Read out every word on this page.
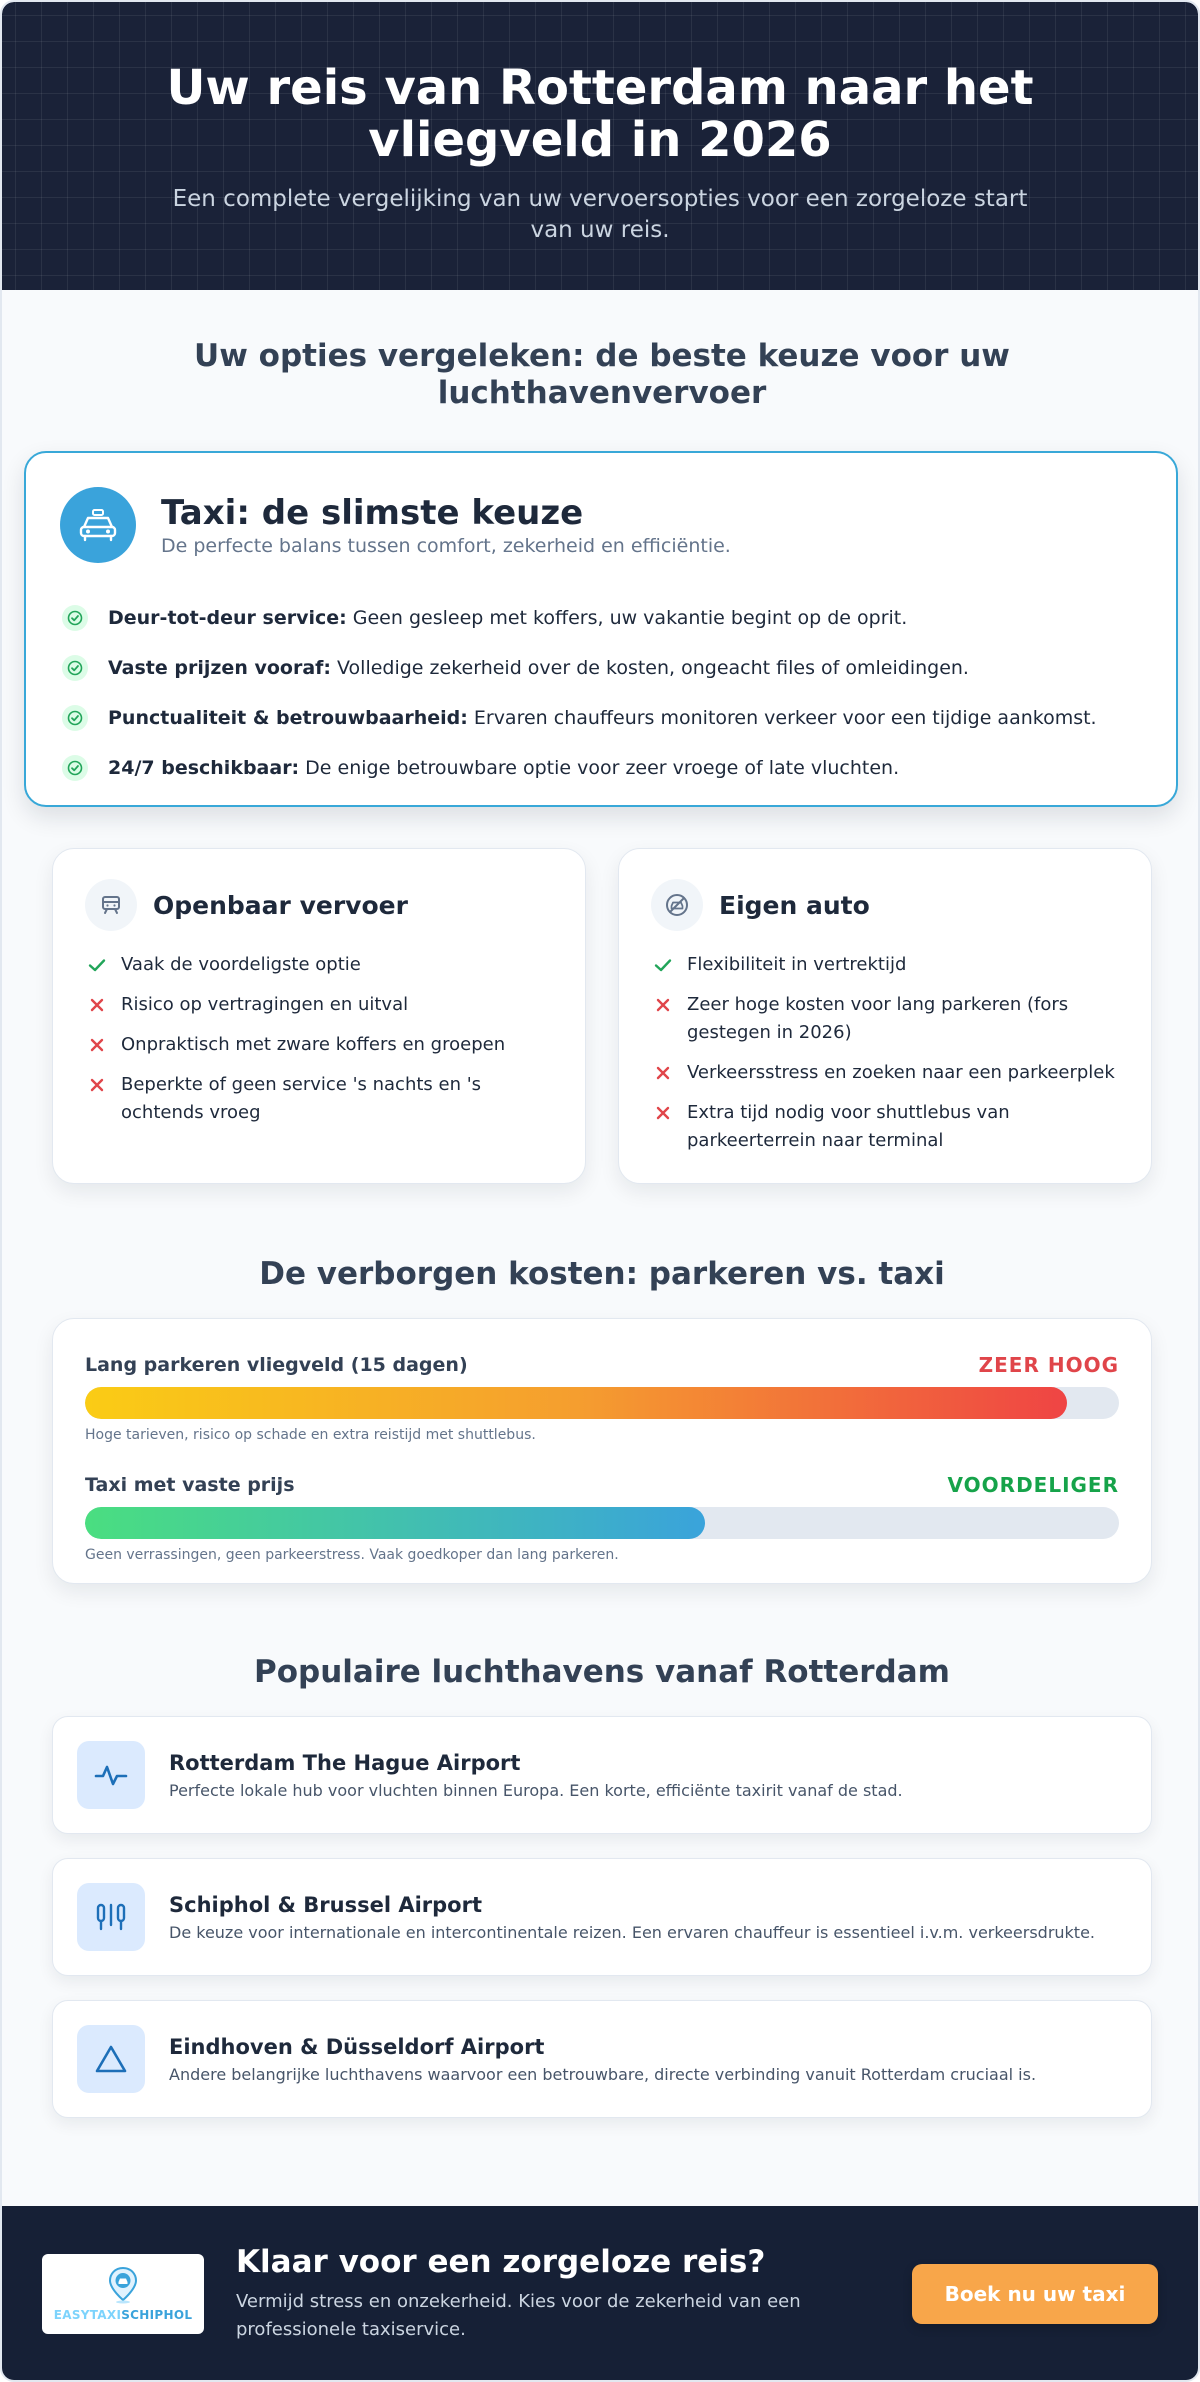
Uw reis van Rotterdam naar het vliegveld in 2026

Een complete vergelijking van uw vervoersopties voor een zorgeloze start van uw reis.

Uw opties vergeleken: de beste keuze voor uw luchthavenvervoer
Taxi: de slimste keuze

De perfecte balans tussen comfort, zekerheid en efficiëntie.

Deur-tot-deur service: Geen gesleep met koffers, uw vakantie begint op de oprit.
Vaste prijzen vooraf: Volledige zekerheid over de kosten, ongeacht files of omleidingen.
Punctualiteit & betrouwbaarheid: Ervaren chauffeurs monitoren verkeer voor een tijdige aankomst.
24/7 beschikbaar: De enige betrouwbare optie voor zeer vroege of late vluchten.
Openbaar vervoer
Vaak de voordeligste optie
Risico op vertragingen en uitval
Onpraktisch met zware koffers en groepen
Beperkte of geen service 's nachts en 's ochtends vroeg
Eigen auto
Flexibiliteit in vertrektijd
Zeer hoge kosten voor lang parkeren (fors gestegen in 2026)
Verkeersstress en zoeken naar een parkeerplek
Extra tijd nodig voor shuttlebus van parkeerterrein naar terminal
De verborgen kosten: parkeren vs. taxi
Lang parkeren vliegveld (15 dagen)	ZEER HOOG

Hoge tarieven, risico op schade en extra reistijd met shuttlebus.

Taxi met vaste prijs	VOORDELIGER

Geen verrassingen, geen parkeerstress. Vaak goedkoper dan lang parkeren.

Populaire luchthavens vanaf Rotterdam
Rotterdam The Hague Airport

Perfecte lokale hub voor vluchten binnen Europa. Een korte, efficiënte taxirit vanaf de stad.

Schiphol & Brussel Airport

De keuze voor internationale en intercontinentale reizen. Een ervaren chauffeur is essentieel i.v.m. verkeersdrukte.

Eindhoven & Düsseldorf Airport

Andere belangrijke luchthavens waarvoor een betrouwbare, directe verbinding vanuit Rotterdam cruciaal is.

EASYTAXISCHIPHOL
Klaar voor een zorgeloze reis?

Vermijd stress en onzekerheid. Kies voor de zekerheid van een professionele taxiservice.

Boek nu uw taxi
